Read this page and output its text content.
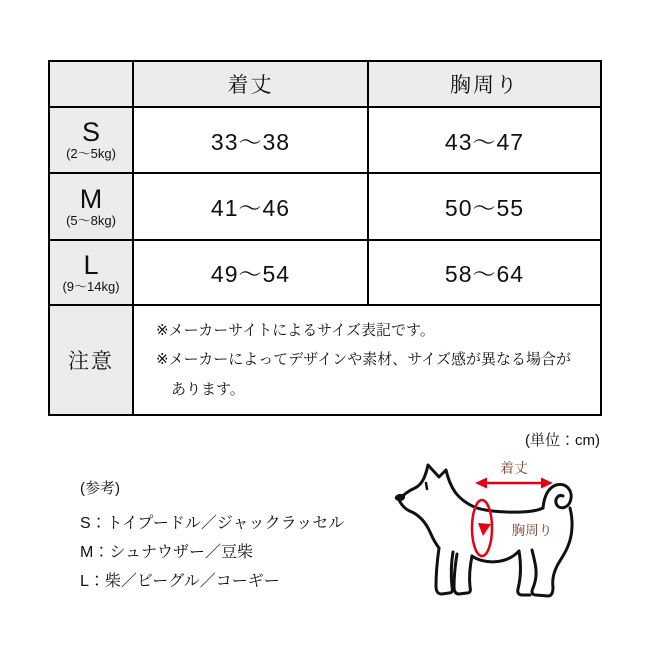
	着丈	胸周り

S
(2〜5kg)	33〜38	43〜47

M
(5〜8kg)	41〜46	50〜55

L
(9〜14kg)	49〜54	58〜64
注意	※メーカーサイトによるサイズ表記です。
※メーカーによってデザインや素材、サイズ感が異なる場合が
あります。	
(単位：cm)
(参考)
S：トイプードル／ジャックラッセル
M：シュナウザー／豆柴
L：柴／ビーグル／コーギー
着丈
胸周り
